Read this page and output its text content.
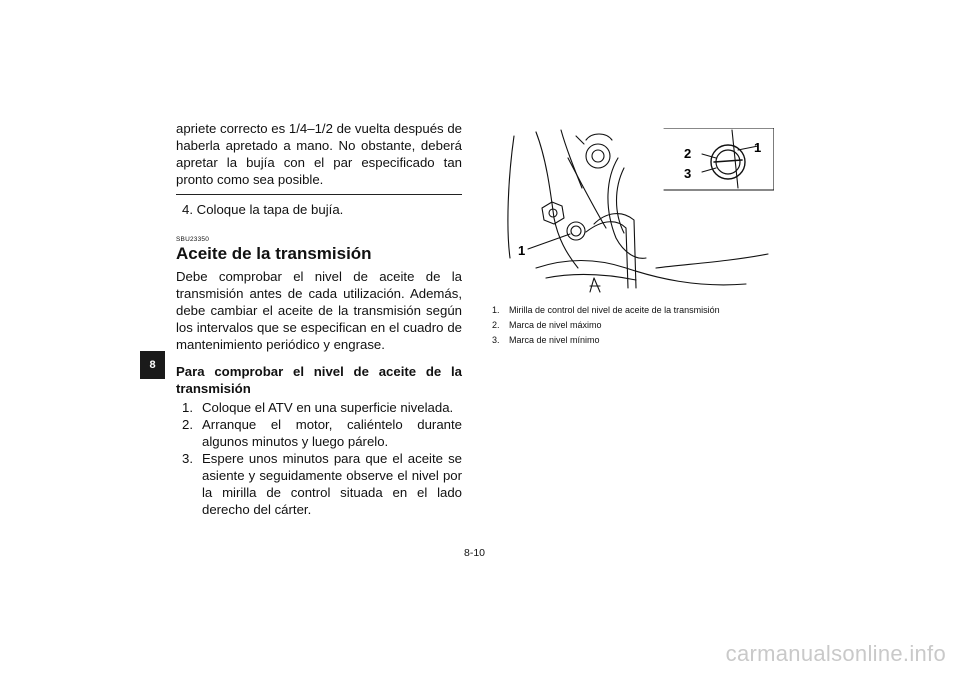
apriete correcto es 1/4–1/2 de vuelta después de haberla apretado a mano. No obstante, deberá apretar la bujía con el par especificado tan pronto como sea posible.

4. Coloque la tapa de bujía.
SBU23350
Aceite de la transmisión

Debe comprobar el nivel de aceite de la transmisión antes de cada utilización. Además, debe cambiar el aceite de la transmisión según los intervalos que se especifican en el cuadro de mantenimiento periódico y engrase.

Para comprobar el nivel de aceite de la transmisión
1. Coloque el ATV en una superficie nivelada.
2. Arranque el motor, caliéntelo durante algunos minutos y luego párelo.
3. Espere unos minutos para que el aceite se asiente y seguidamente observe el nivel por la mirilla de control situada en el lado derecho del cárter.
8
1
2
3
1
1.	Mirilla de control del nivel de aceite de la transmisión
2.	Marca de nivel máximo
3.	Marca de nivel mínimo
8-10
carmanualsonline.info
